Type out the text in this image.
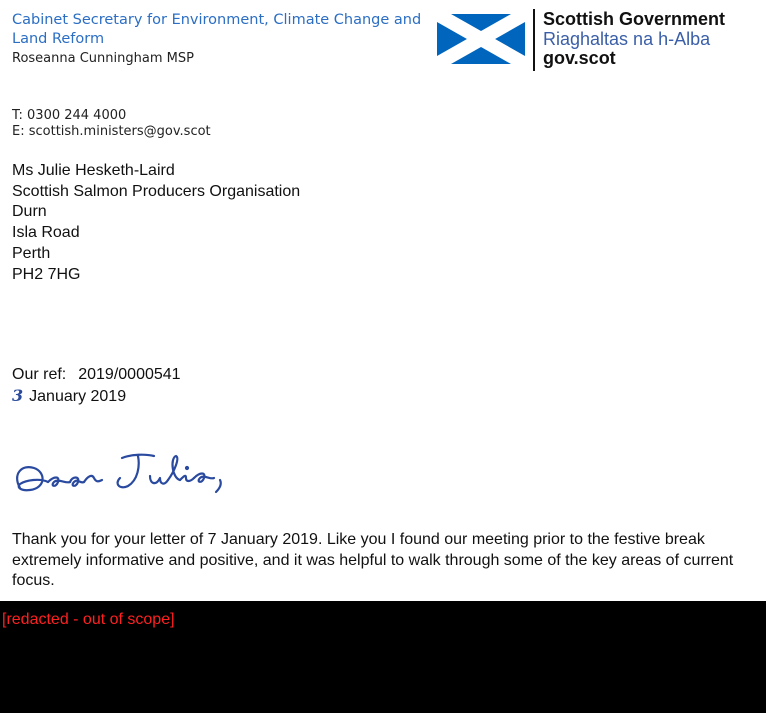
Cabinet Secretary for Environment, Climate Change and
Land Reform
Roseanna Cunningham MSP
Scottish Government
Riaghaltas na h-Alba
gov.scot
T: 0300 244 4000
E: scottish.ministers@gov.scot
Ms Julie Hesketh-Laird
Scottish Salmon Producers Organisation
Durn
Isla Road
Perth
PH2 7HG
Our ref: 2019/0000541
3 January 2019
Thank you for your letter of 7 January 2019. Like you I found our meeting prior to the festive break extremely informative and positive, and it was helpful to walk through some of the key areas of current focus.
[redacted - out of scope]
